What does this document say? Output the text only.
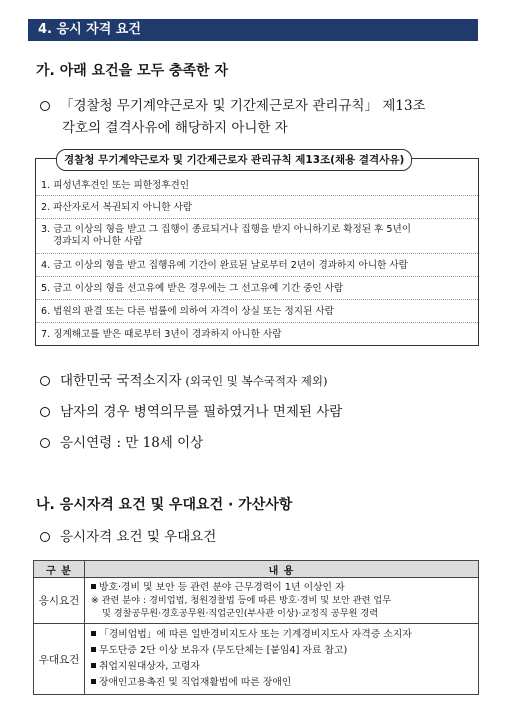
4. 응시 자격 요건
가. 아래 요건을 모두 충족한 자
「경찰청 무기계약근로자 및 기간제근로자 관리규칙」 제13조
각호의 결격사유에 해당하지 아니한 자
경찰청 무기계약근로자 및 기간제근로자 관리규칙 제13조(채용 결격사유)
1. 피성년후견인 또는 피한정후견인
2. 파산자로서 복권되지 아니한 사람
3. 금고 이상의 형을 받고 그 집행이 종료되거나 집행을 받지 아니하기로 확정된 후 5년이
경과되지 아니한 사람
4. 금고 이상의 형을 받고 집행유예 기간이 완료된 날로부터 2년이 경과하지 아니한 사람
5. 금고 이상의 형을 선고유예 받은 경우에는 그 선고유예 기간 중인 사람
6. 법원의 판결 또는 다른 법률에 의하여 자격이 상실 또는 정지된 사람
7. 징계해고를 받은 때로부터 3년이 경과하지 아니한 사람
대한민국 국적소지자 (외국인 및 복수국적자 제외)
남자의 경우 병역의무를 필하였거나 면제된 사람
응시연령 : 만 18세 이상
나. 응시자격 요건 및 우대요건 · 가산사항
응시자격 요건 및 우대요건
구 분	내 용
응시요건	방호·경비 및 보안 등 관련 분야 근무경력이 1년 이상인 자
※ 관련 분야 : 경비업법, 청원경찰법 등에 따른 방호·경비 및 보안 관련 업무
및 경찰공무원·경호공무원·직업군인(부사관 이상)·교정직 공무원 경력

우대요건	「경비업법」에 따른 일반경비지도사 또는 기계경비지도사 자격증 소지자
무도단증 2단 이상 보유자 (무도단체는 [붙임4] 자료 참고)
취업지원대상자, 고령자
장애인고용촉진 및 직업재활법에 따른 장애인
